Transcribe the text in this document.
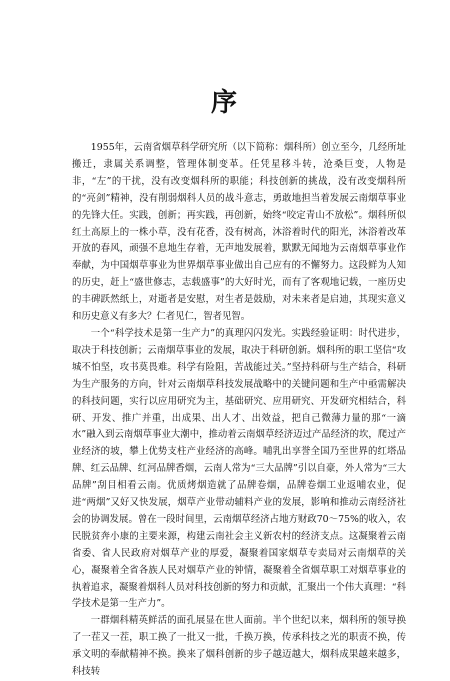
序

1955年，云南省烟草科学研究所（以下简称：烟科所）创立至今，几经所址搬迁，隶属关系调整，管理体制变革。任凭星移斗转，沧桑巨变，人物是非，“左”的干扰，没有改变烟科所的职能；科技创新的挑战，没有改变烟科所的“亮剑”精神，没有削弱烟科人员的战斗意志，勇敢地担当着发展云南烟草事业的先锋大任。实践，创新；再实践，再创新，始终“咬定青山不放松”。烟科所似红土高原上的一株小草，没有花香，没有树高，沐浴着时代的阳光，沐浴着改革开放的春风，顽强不息地生存着，无声地发展着，默默无闻地为云南烟草事业作奉献，为中国烟草事业为世界烟草事业做出自己应有的不懈努力。这段鲜为人知的历史，赶上“盛世修志，志载盛事”的大好时光，而有了客观地记载，一座历史的丰碑跃然纸上，对逝者是安慰，对生者是鼓励，对未来者是启迪，其现实意义和历史意义有多大？仁者见仁，智者见智。

一个“科学技术是第一生产力”的真理闪闪发光。实践经验证明：时代进步，取决于科技创新；云南烟草事业的发展，取决于科研创新。烟科所的职工坚信“攻城不怕坚，攻书莫畏难。科学有险阻，苦战能过关。”坚持科研与生产结合，科研为生产服务的方向，针对云南烟草科技发展战略中的关键问题和生产中亟需解决的科技问题，实行以应用研究为主，基础研究、应用研究、开发研究相结合，科研、开发、推广并重，出成果、出人才、出效益，把自己微薄力量的那“一滴水”融入到云南烟草事业大潮中，推动着云南烟草经济迈过产品经济的坎，爬过产业经济的坡，攀上优势支柱产业经济的高峰。哺乳出享誉全国乃至世界的红塔品牌、红云品牌、红河品牌香烟，云南人常为“三大品牌”引以自豪，外人常为“三大品牌”刮目相看云南。优质烤烟造就了品牌卷烟，品牌卷烟工业返哺农业，促进“两烟”又好又快发展，烟草产业带动辅料产业的发展，影响和推动云南经济社会的协调发展。曾在一段时间里，云南烟草经济占地方财政70～75%的收入，农民脱贫奔小康的主要来源，构建云南社会主义新农村的经济支点。这凝聚着云南省委、省人民政府对烟草产业的厚爱，凝聚着国家烟草专卖局对云南烟草的关心，凝聚着全省各族人民对烟草产业的钟情，凝聚着全省烟草职工对烟草事业的执着追求，凝聚着烟科人员对科技创新的努力和贡献，汇聚出一个伟大真理：“科学技术是第一生产力”。

一群烟科精英鲜活的面孔展显在世人面前。半个世纪以来，烟科所的领导换了一茬又一茬，职工换了一批又一批，千换万换，传承科技之光的职责不换，传承文明的奉献精神不换。换来了烟科创新的步子越迈越大，烟科成果越来越多，科技转
